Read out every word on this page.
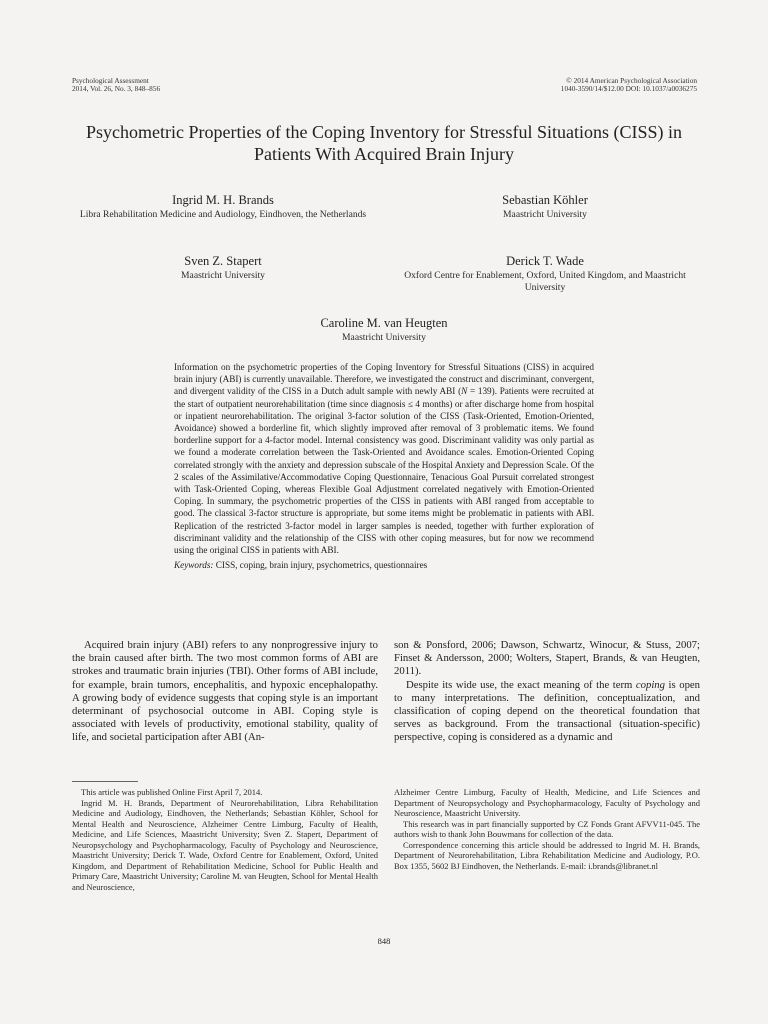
Psychological Assessment
2014, Vol. 26, No. 3, 848–856
© 2014 American Psychological Association
1040-3590/14/$12.00 DOI: 10.1037/a0036275
Psychometric Properties of the Coping Inventory for Stressful Situations (CISS) in Patients With Acquired Brain Injury
Ingrid M. H. Brands
Libra Rehabilitation Medicine and Audiology, Eindhoven, the Netherlands
Sebastian Köhler
Maastricht University
Sven Z. Stapert
Maastricht University
Derick T. Wade
Oxford Centre for Enablement, Oxford, United Kingdom, and Maastricht University
Caroline M. van Heugten
Maastricht University
Information on the psychometric properties of the Coping Inventory for Stressful Situations (CISS) in acquired brain injury (ABI) is currently unavailable. Therefore, we investigated the construct and discriminant, convergent, and divergent validity of the CISS in a Dutch adult sample with newly ABI (N = 139). Patients were recruited at the start of outpatient neurorehabilitation (time since diagnosis ≤ 4 months) or after discharge home from hospital or inpatient neurorehabilitation. The original 3-factor solution of the CISS (Task-Oriented, Emotion-Oriented, Avoidance) showed a borderline fit, which slightly improved after removal of 3 problematic items. We found borderline support for a 4-factor model. Internal consistency was good. Discriminant validity was only partial as we found a moderate correlation between the Task-Oriented and Avoidance scales. Emotion-Oriented Coping correlated strongly with the anxiety and depression subscale of the Hospital Anxiety and Depression Scale. Of the 2 scales of the Assimilative/Accommodative Coping Questionnaire, Tenacious Goal Pursuit correlated strongest with Task-Oriented Coping, whereas Flexible Goal Adjustment correlated negatively with Emotion-Oriented Coping. In summary, the psychometric properties of the CISS in patients with ABI ranged from acceptable to good. The classical 3-factor structure is appropriate, but some items might be problematic in patients with ABI. Replication of the restricted 3-factor model in larger samples is needed, together with further exploration of discriminant validity and the relationship of the CISS with other coping measures, but for now we recommend using the original CISS in patients with ABI.
Keywords: CISS, coping, brain injury, psychometrics, questionnaires

Acquired brain injury (ABI) refers to any nonprogressive injury to the brain caused after birth. The two most common forms of ABI are strokes and traumatic brain injuries (TBI). Other forms of ABI include, for example, brain tumors, encephalitis, and hypoxic encephalopathy. A growing body of evidence suggests that coping style is an important determinant of psychosocial outcome in ABI. Coping style is associated with levels of productivity, emotional stability, quality of life, and societal participation after ABI (An-

son & Ponsford, 2006; Dawson, Schwartz, Winocur, & Stuss, 2007; Finset & Andersson, 2000; Wolters, Stapert, Brands, & van Heugten, 2011).

Despite its wide use, the exact meaning of the term coping is open to many interpretations. The definition, conceptualization, and classification of coping depend on the theoretical foundation that serves as background. From the transactional (situation-specific) perspective, coping is considered as a dynamic and

This article was published Online First April 7, 2014.

Ingrid M. H. Brands, Department of Neurorehabilitation, Libra Rehabilitation Medicine and Audiology, Eindhoven, the Netherlands; Sebastian Köhler, School for Mental Health and Neuroscience, Alzheimer Centre Limburg, Faculty of Health, Medicine, and Life Sciences, Maastricht University; Sven Z. Stapert, Department of Neuropsychology and Psychopharmacology, Faculty of Psychology and Neuroscience, Maastricht University; Derick T. Wade, Oxford Centre for Enablement, Oxford, United Kingdom, and Department of Rehabilitation Medicine, School for Public Health and Primary Care, Maastricht University; Caroline M. van Heugten, School for Mental Health and Neuroscience,

Alzheimer Centre Limburg, Faculty of Health, Medicine, and Life Sciences and Department of Neuropsychology and Psychopharmacology, Faculty of Psychology and Neuroscience, Maastricht University.

This research was in part financially supported by CZ Fonds Grant AFVV11-045. The authors wish to thank John Bouwmans for collection of the data.

Correspondence concerning this article should be addressed to Ingrid M. H. Brands, Department of Neurorehabilitation, Libra Rehabilitation Medicine and Audiology, P.O. Box 1355, 5602 BJ Eindhoven, the Netherlands. E-mail: i.brands@libranet.nl

848
